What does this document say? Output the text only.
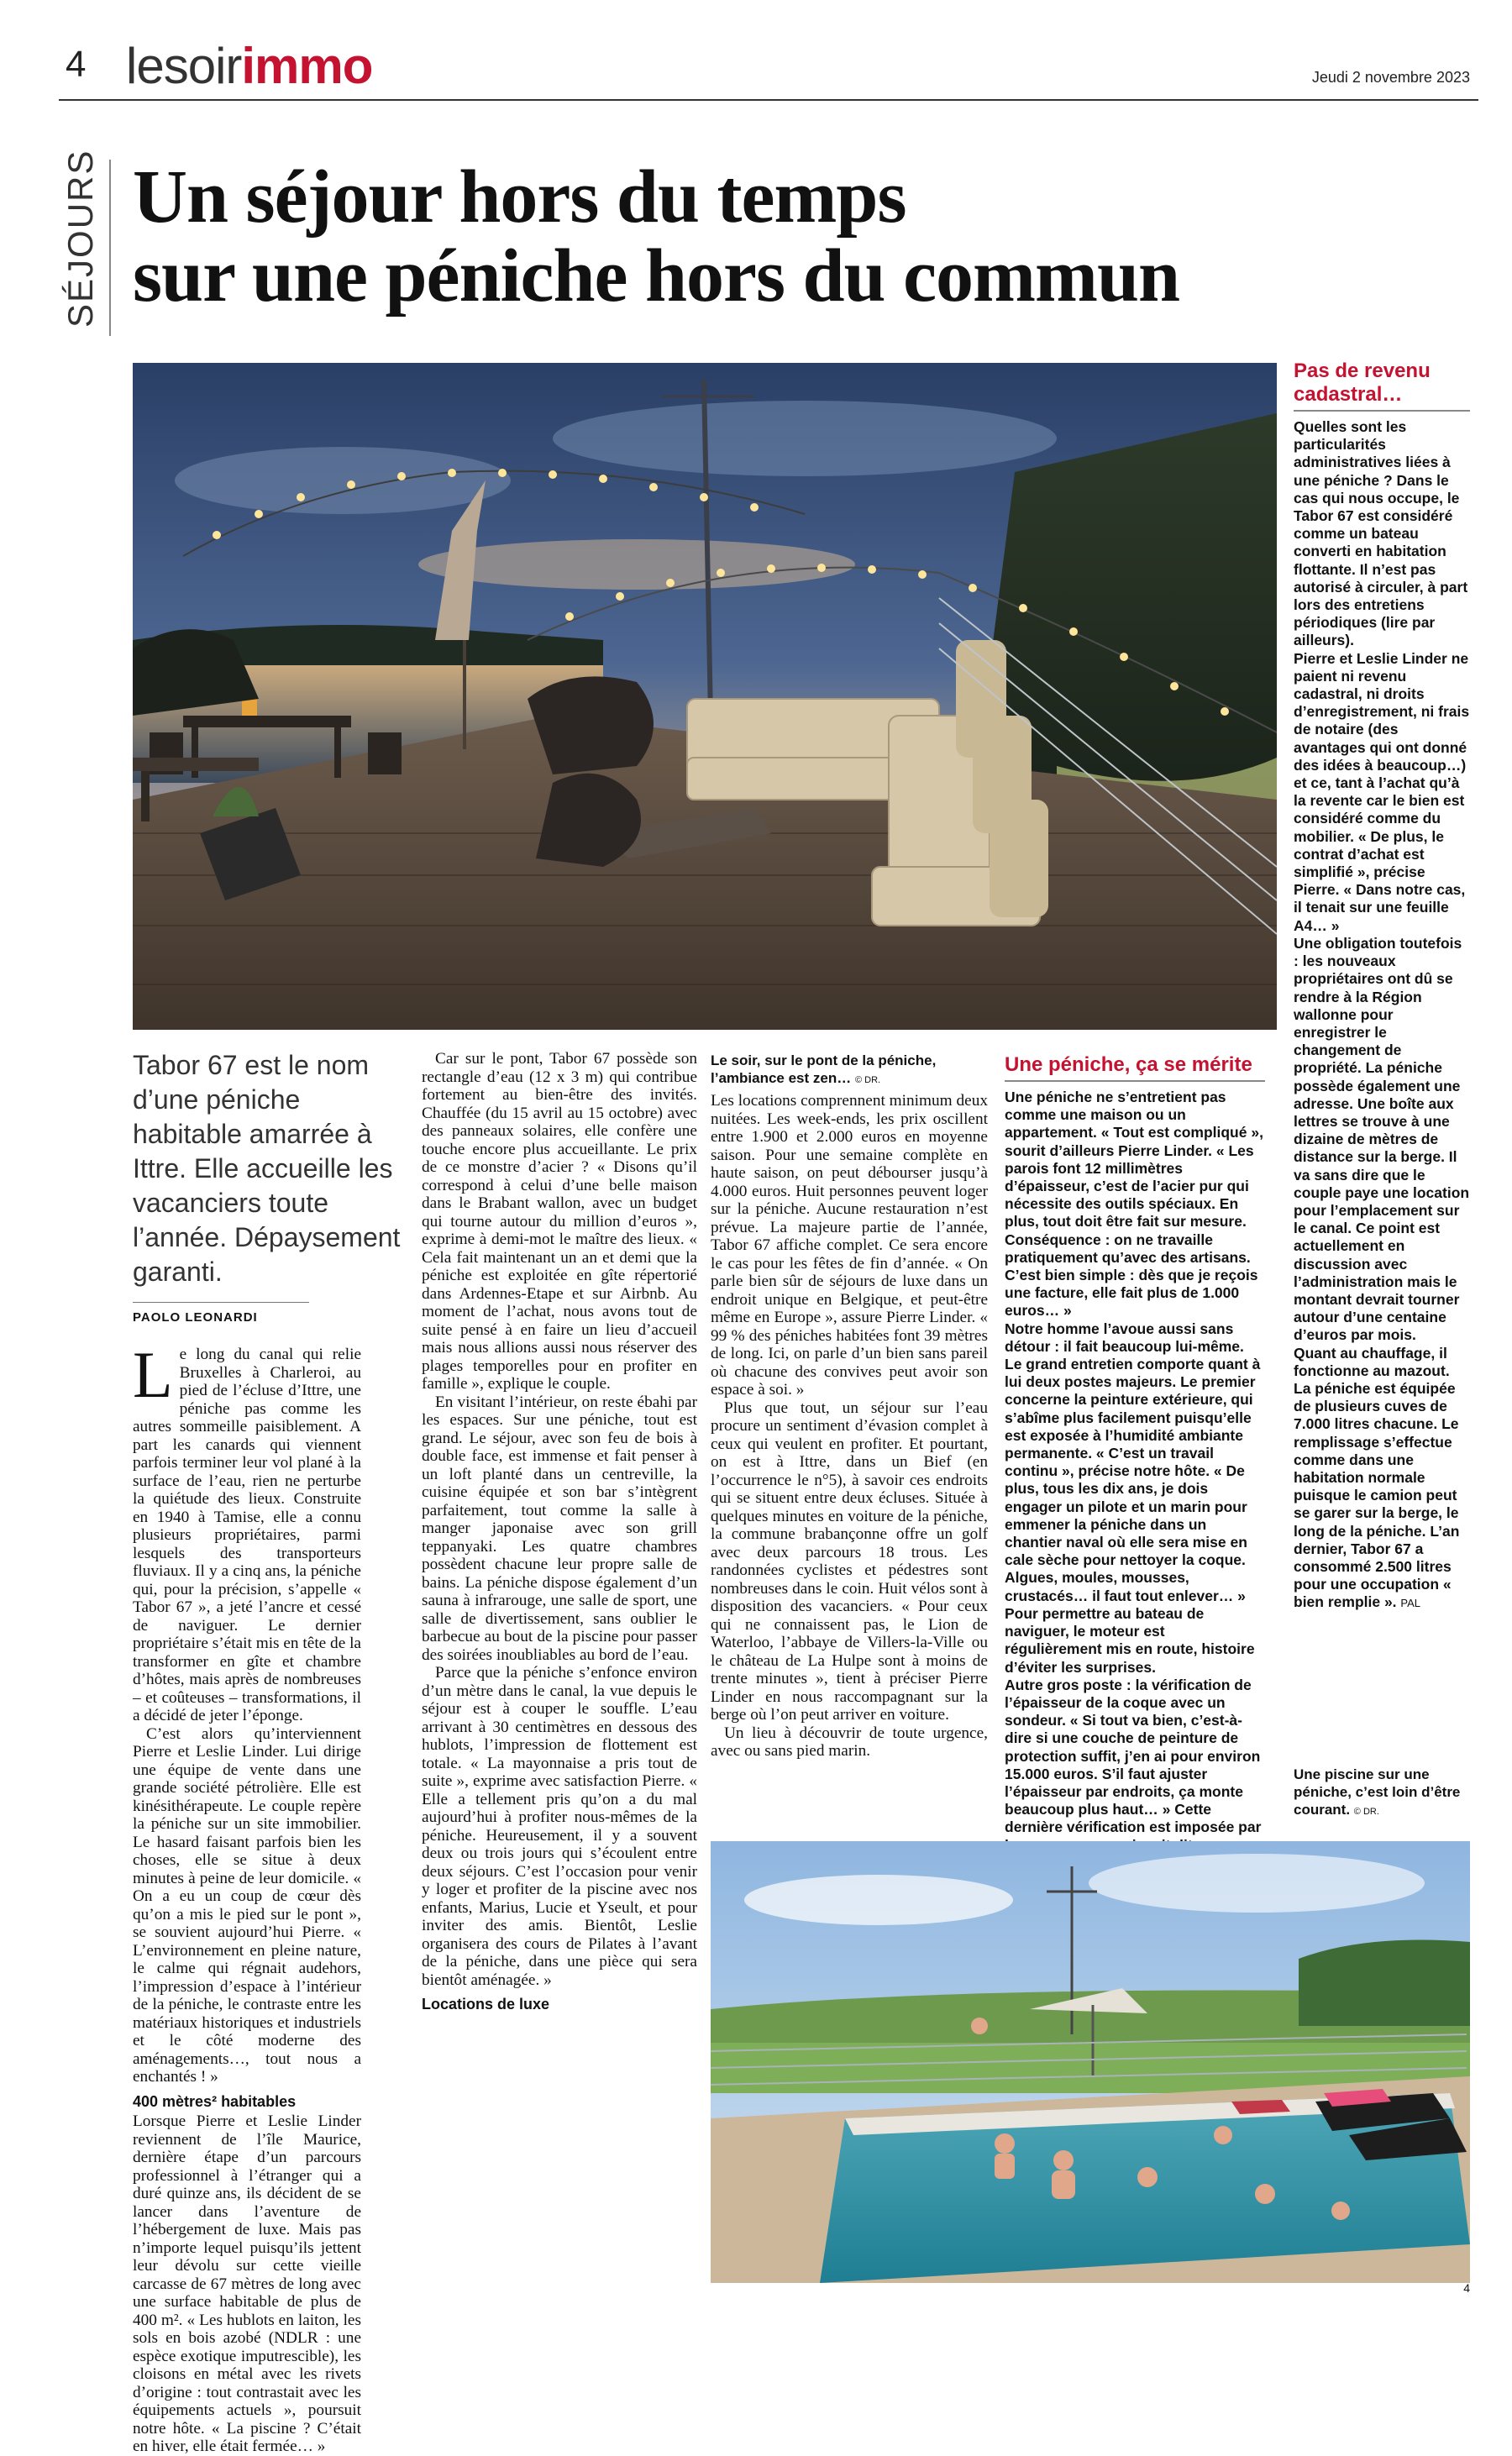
4 lesoirimmo	Jeudi 2 novembre 2023
SÉJOURS Un séjour hors du temps
sur une péniche hors du commun
Tabor 67 est le nom d’une péniche habitable amarrée à Ittre. Elle accueille les vacanciers toute l’année. Dépaysement garanti.
PAOLO LEONARDI

Le long du canal qui relie Bruxelles à Charleroi, au pied de l’écluse d’Ittre, une péniche pas comme les autres sommeille paisiblement. A part les canards qui viennent parfois terminer leur vol plané à la surface de l’eau, rien ne perturbe la quiétude des lieux. Construite en 1940 à Tamise, elle a connu plusieurs propriétaires, parmi lesquels des transporteurs fluviaux. Il y a cinq ans, la péniche qui, pour la précision, s’appelle « Tabor 67 », a jeté l’ancre et cessé de naviguer. Le dernier propriétaire s’était mis en tête de la transformer en gîte et chambre d’hôtes, mais après de nombreuses – et coûteuses – transformations, il a décidé de jeter l’éponge.

C’est alors qu’interviennent Pierre et Leslie Linder. Lui dirige une équipe de vente dans une grande société pétrolière. Elle est kinésithérapeute. Le couple repère la péniche sur un site immobilier. Le hasard faisant parfois bien les choses, elle se situe à deux minutes à peine de leur domicile. « On a eu un coup de cœur dès qu’on a mis le pied sur le pont », se souvient aujourd’hui Pierre. « L’environnement en pleine nature, le calme qui régnait audehors, l’impression d’espace à l’intérieur de la péniche, le contraste entre les matériaux historiques et industriels et le côté moderne des aménagements…, tout nous a enchantés ! »

400 mètres² habitables

Lorsque Pierre et Leslie Linder reviennent de l’île Maurice, dernière étape d’un parcours professionnel à l’étranger qui a duré quinze ans, ils décident de se lancer dans l’aventure de l’hébergement de luxe. Mais pas n’importe lequel puisqu’ils jettent leur dévolu sur cette vieille carcasse de 67 mètres de long avec une surface habitable de plus de 400 m². « Les hublots en laiton, les sols en bois azobé (NDLR : une espèce exotique imputrescible), les cloisons en métal avec les rivets d’origine : tout contrastait avec les équipements actuels », poursuit notre hôte. « La piscine ? C’était en hiver, elle était fermée… »

Car sur le pont, Tabor 67 possède son rectangle d’eau (12 x 3 m) qui contribue fortement au bien-être des invités. Chauffée (du 15 avril au 15 octobre) avec des panneaux solaires, elle confère une touche encore plus accueillante. Le prix de ce monstre d’acier ? « Disons qu’il correspond à celui d’une belle maison dans le Brabant wallon, avec un budget qui tourne autour du million d’euros », exprime à demi-mot le maître des lieux. « Cela fait maintenant un an et demi que la péniche est exploitée en gîte répertorié dans Ardennes-Etape et sur Airbnb. Au moment de l’achat, nous avons tout de suite pensé à en faire un lieu d’accueil mais nous allions aussi nous réserver des plages temporelles pour en profiter en famille », explique le couple.

En visitant l’intérieur, on reste ébahi par les espaces. Sur une péniche, tout est grand. Le séjour, avec son feu de bois à double face, est immense et fait penser à un loft planté dans un centreville, la cuisine équipée et son bar s’intègrent parfaitement, tout comme la salle à manger japonaise avec son grill teppanyaki. Les quatre chambres possèdent chacune leur propre salle de bains. La péniche dispose également d’un sauna à infrarouge, une salle de sport, une salle de divertissement, sans oublier le barbecue au bout de la piscine pour passer des soirées inoubliables au bord de l’eau.

Parce que la péniche s’enfonce environ d’un mètre dans le canal, la vue depuis le séjour est à couper le souffle. L’eau arrivant à 30 centimètres en dessous des hublots, l’impression de flottement est totale. « La mayonnaise a pris tout de suite », exprime avec satisfaction Pierre. « Elle a tellement pris qu’on a du mal aujourd’hui à profiter nous-mêmes de la péniche. Heureusement, il y a souvent deux ou trois jours qui s’écoulent entre deux séjours. C’est l’occasion pour venir y loger et profiter de la piscine avec nos enfants, Marius, Lucie et Yseult, et pour inviter des amis. Bientôt, Leslie organisera des cours de Pilates à l’avant de la péniche, dans une pièce qui sera bientôt aménagée. »

Locations de luxe
Le soir, sur le pont de la péniche, l’ambiance est zen… © DR.

Les locations comprennent minimum deux nuitées. Les week-ends, les prix oscillent entre 1.900 et 2.000 euros en moyenne saison. Pour une semaine complète en haute saison, on peut débourser jusqu’à 4.000 euros. Huit personnes peuvent loger sur la péniche. Aucune restauration n’est prévue. La majeure partie de l’année, Tabor 67 affiche complet. Ce sera encore le cas pour les fêtes de fin d’année. « On parle bien sûr de séjours de luxe dans un endroit unique en Belgique, et peut-être même en Europe », assure Pierre Linder. « 99 % des péniches habitées font 39 mètres de long. Ici, on parle d’un bien sans pareil où chacune des convives peut avoir son espace à soi. »

Plus que tout, un séjour sur l’eau procure un sentiment d’évasion complet à ceux qui veulent en profiter. Et pourtant, on est à Ittre, dans un Bief (en l’occurrence le n°5), à savoir ces endroits qui se situent entre deux écluses. Située à quelques minutes en voiture de la péniche, la commune brabançonne offre un golf avec deux parcours 18 trous. Les randonnées cyclistes et pédestres sont nombreuses dans le coin. Huit vélos sont à disposition des vacanciers. « Pour ceux qui ne connaissent pas, le Lion de Waterloo, l’abbaye de Villers-la-Ville ou le château de La Hulpe sont à moins de trente minutes », tient à préciser Pierre Linder en nous raccompagnant sur la berge où l’on peut arriver en voiture.

Un lieu à découvrir de toute urgence, avec ou sans pied marin.

Une péniche, ça se mérite

Une péniche ne s’entretient pas comme une maison ou un appartement. « Tout est compliqué », sourit d’ailleurs Pierre Linder. « Les parois font 12 millimètres d’épaisseur, c’est de l’acier pur qui nécessite des outils spéciaux. En plus, tout doit être fait sur mesure. Conséquence : on ne travaille pratiquement qu’avec des artisans. C’est bien simple : dès que je reçois une facture, elle fait plus de 1.000 euros… »

Notre homme l’avoue aussi sans détour : il fait beaucoup lui-même. Le grand entretien comporte quant à lui deux postes majeurs. Le premier concerne la peinture extérieure, qui s’abîme plus facilement puisqu’elle est exposée à l’humidité ambiante permanente. « C’est un travail continu », précise notre hôte. « De plus, tous les dix ans, je dois engager un pilote et un marin pour emmener la péniche dans un chantier naval où elle sera mise en cale sèche pour nettoyer la coque. Algues, moules, mousses, crustacés… il faut tout enlever… » Pour permettre au bateau de naviguer, le moteur est régulièrement mis en route, histoire d’éviter les surprises.

Autre gros poste : la vérification de l’épaisseur de la coque avec un sondeur. « Si tout va bien, c’est-à-dire si une couche de peinture de protection suffit, j’en ai pour environ 15.000 euros. S’il faut ajuster l’épaisseur par endroits, ça monte beaucoup plus haut… » Cette dernière vérification est imposée par

Pas de revenu cadastral…

Quelles sont les particularités administratives liées à une péniche ? Dans le cas qui nous occupe, le Tabor 67 est considéré comme un bateau converti en habitation flottante. Il n’est pas autorisé à circuler, à part lors des entretiens périodiques (lire par ailleurs).

Pierre et Leslie Linder ne paient ni revenu cadastral, ni droits d’enregistrement, ni frais de notaire (des avantages qui ont donné des idées à beaucoup…) et ce, tant à l’achat qu’à la revente car le bien est considéré comme du mobilier. « De plus, le contrat d’achat est simplifié », précise Pierre. « Dans notre cas, il tenait sur une feuille A4… »

Une obligation toutefois : les nouveaux propriétaires ont dû se rendre à la Région wallonne pour enregistrer le changement de propriété. La péniche possède également une adresse. Une boîte aux lettres se trouve à une dizaine de mètres de distance sur la berge. Il va sans dire que le couple paye une location pour l’emplacement sur le canal. Ce point est actuellement en discussion avec l’administration mais le montant devrait tourner autour d’une centaine d’euros par mois.

Quant au chauffage, il fonctionne au mazout. La péniche est équipée de plusieurs cuves de 7.000 litres chacune. Le remplissage s’effectue comme dans une habitation normale puisque le camion peut se garer sur la berge, le long de la péniche. L’an dernier, Tabor 67 a consommé 2.500 litres pour une occupation « bien remplie ». PAL

Une piscine sur une péniche, c’est loin d’être courant. © DR.
4
